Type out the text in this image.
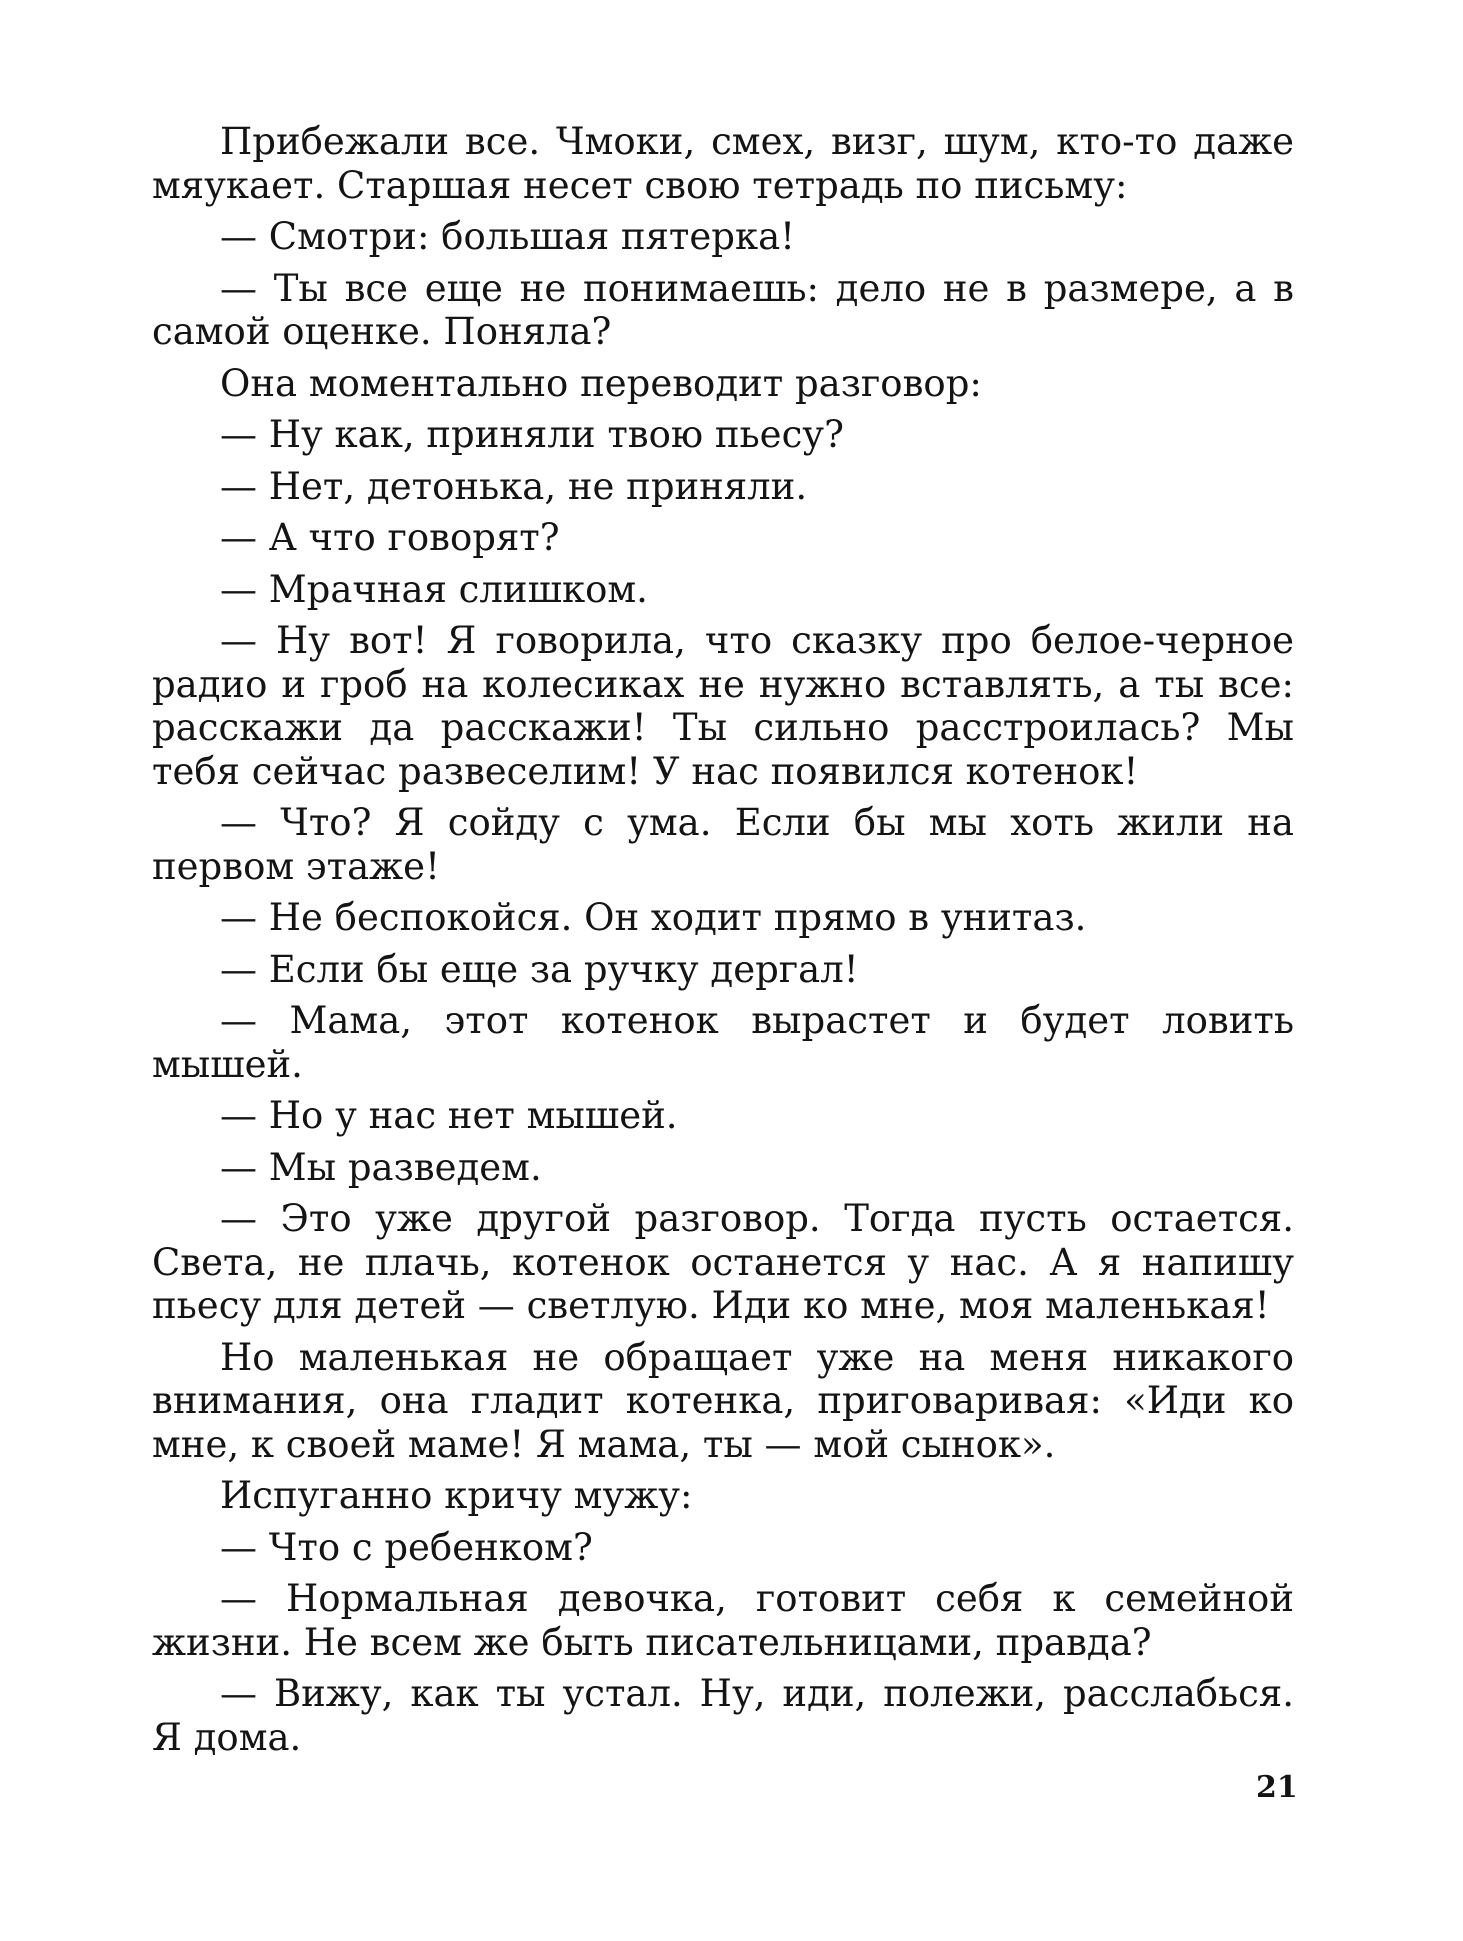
Прибежали все. Чмоки, смех, визг, шум, кто-то даже мяукает. Старшая несет свою тетрадь по письму:

— Смотри: большая пятерка!

— Ты все еще не понимаешь: дело не в размере, а в самой оценке. Поняла?

Она моментально переводит разговор:

— Ну как, приняли твою пьесу?

— Нет, детонька, не приняли.

— А что говорят?

— Мрачная слишком.

— Ну вот! Я говорила, что сказку про белое-черное радио и гроб на колесиках не нужно вставлять, а ты все: расскажи да расскажи! Ты сильно расстроилась? Мы тебя сейчас развеселим! У нас появился котенок!

— Что? Я сойду с ума. Если бы мы хоть жили на первом этаже!

— Не беспокойся. Он ходит прямо в унитаз.

— Если бы еще за ручку дергал!

— Мама, этот котенок вырастет и будет ловить мышей.

— Но у нас нет мышей.

— Мы разведем.

— Это уже другой разговор. Тогда пусть остается. Света, не плачь, котенок останется у нас. А я напишу пьесу для детей — светлую. Иди ко мне, моя маленькая!

Но маленькая не обращает уже на меня никакого внимания, она гладит котенка, приговаривая: «Иди ко мне, к своей маме! Я мама, ты — мой сынок».

Испуганно кричу мужу:

— Что с ребенком?

— Нормальная девочка, готовит себя к семейной жизни. Не всем же быть писательницами, правда?

— Вижу, как ты устал. Ну, иди, полежи, расслабься. Я дома.

21
